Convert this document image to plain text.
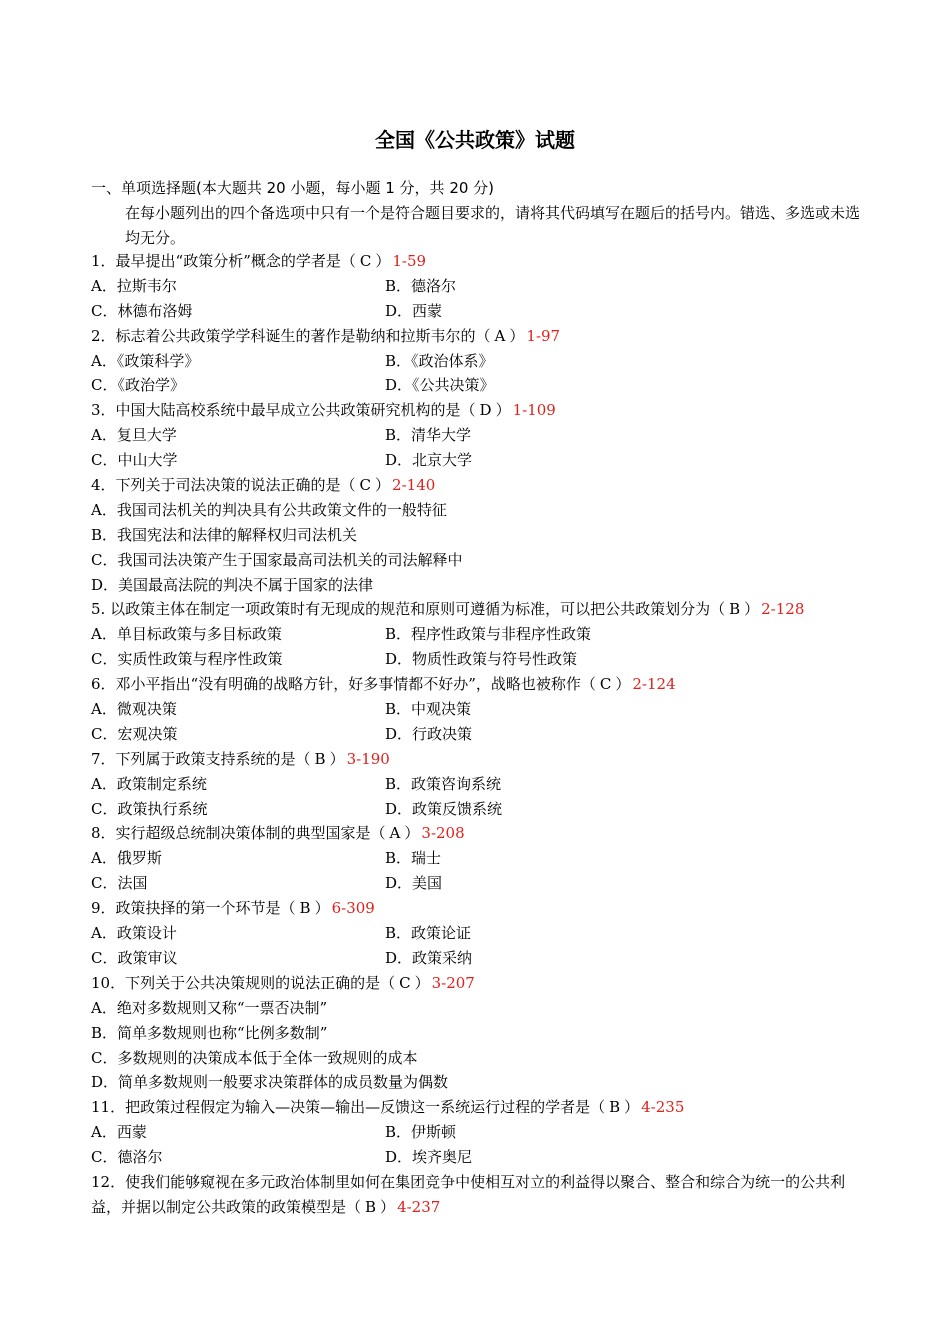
全国《公共政策》试题
一、单项选择题(本大题共 20 小题，每小题 1 分，共 20 分)
在每小题列出的四个备选项中只有一个是符合题目要求的，请将其代码填写在题后的括号内。错选、多选或未选均无分。
1．最早提出“政策分析”概念的学者是（ C ） 1-59
A．拉斯韦尔	B．德洛尔
C．林德布洛姆	D．西蒙
2．标志着公共政策学学科诞生的著作是勒纳和拉斯韦尔的（ A ） 1-97
A．《政策科学》	B．《政治体系》
C．《政治学》	D．《公共决策》
3．中国大陆高校系统中最早成立公共政策研究机构的是（ D ） 1-109
A．复旦大学	B．清华大学
C．中山大学	D．北京大学
4．下列关于司法决策的说法正确的是（ C ） 2-140
A．我国司法机关的判决具有公共政策文件的一般特征
B．我国宪法和法律的解释权归司法机关
C．我国司法决策产生于国家最高司法机关的司法解释中
D．美国最高法院的判决不属于国家的法律
5. 以政策主体在制定一项政策时有无现成的规范和原则可遵循为标准，可以把公共政策划分为（ B ） 2-128
A．单目标政策与多目标政策	B．程序性政策与非程序性政策
C．实质性政策与程序性政策	D．物质性政策与符号性政策
6．邓小平指出“没有明确的战略方针，好多事情都不好办”，战略也被称作（ C ） 2-124
A．微观决策	B．中观决策
C．宏观决策	D．行政决策
7．下列属于政策支持系统的是（ B ） 3-190
A．政策制定系统	B．政策咨询系统
C．政策执行系统	D．政策反馈系统
8．实行超级总统制决策体制的典型国家是（ A ） 3-208
A．俄罗斯	B．瑞士
C．法国	D．美国
9．政策抉择的第一个环节是（ B ） 6-309
A．政策设计	B．政策论证
C．政策审议	D．政策采纳
10．下列关于公共决策规则的说法正确的是（ C ） 3-207
A．绝对多数规则又称“一票否决制”
B．简单多数规则也称“比例多数制”
C．多数规则的决策成本低于全体一致规则的成本
D．简单多数规则一般要求决策群体的成员数量为偶数
11．把政策过程假定为输入—决策—输出—反馈这一系统运行过程的学者是（ B ） 4-235
A．西蒙	B．伊斯顿
C．德洛尔	D．埃齐奥尼
12．使我们能够窥视在多元政治体制里如何在集团竞争中使相互对立的利益得以聚合、整合和综合为统一的公共利益，并据以制定公共政策的政策模型是（ B ） 4-237
